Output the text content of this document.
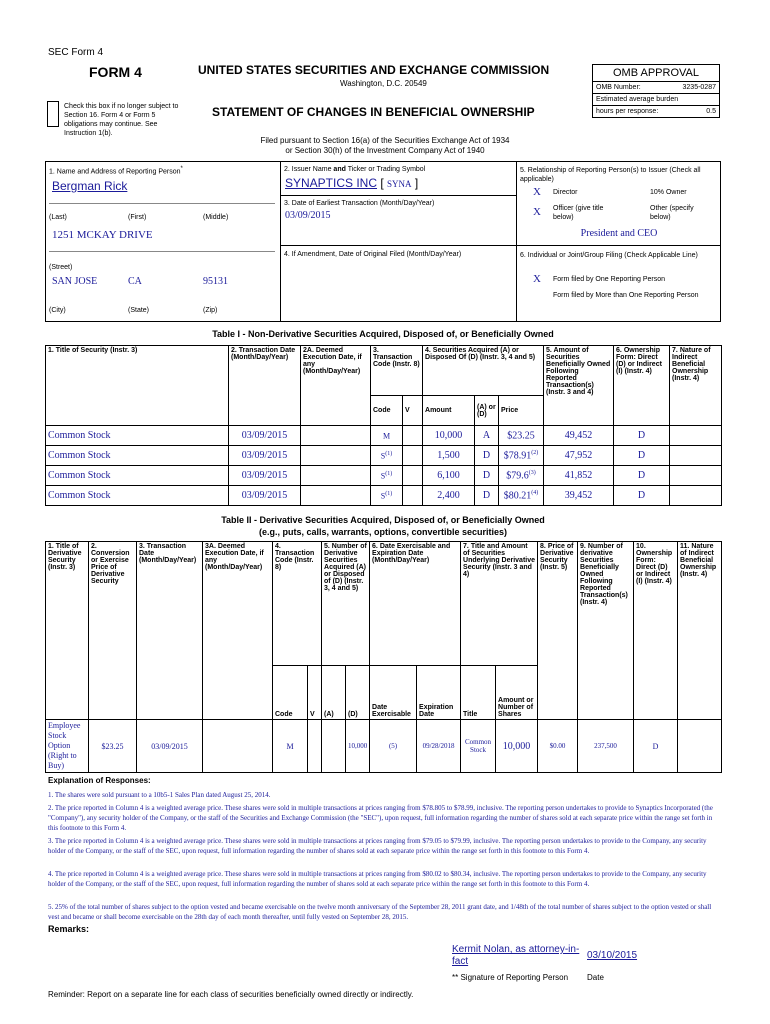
SEC Form 4
FORM 4	UNITED STATES SECURITIES AND EXCHANGE COMMISSION
Washington, D.C. 20549
Check this box if no longer subject to Section 16. Form 4 or Form 5 obligations may continue. See Instruction 1(b).
STATEMENT OF CHANGES IN BENEFICIAL OWNERSHIP
Filed pursuant to Section 16(a) of the Securities Exchange Act of 1934
or Section 30(h) of the Investment Company Act of 1940
OMB APPROVAL
OMB Number:	3235-0287
Estimated average burden
hours per response:	0.5
1. Name and Address of Reporting Person*
Bergman Rick
(Last)	(First)	(Middle)
1251 MCKAY DRIVE
(Street)
SAN JOSE	CA	95131
(City)	(State)	(Zip)
2. Issuer Name and Ticker or Trading Symbol
SYNAPTICS INC [ SYNA ]
3. Date of Earliest Transaction (Month/Day/Year)
03/09/2015
4. If Amendment, Date of Original Filed (Month/Day/Year)
5. Relationship of Reporting Person(s) to Issuer (Check all applicable)
X Director	10% Owner
X Officer (give title below)
Other (specify below)
President and CEO
6. Individual or Joint/Group Filing (Check Applicable Line)
X Form filed by One Reporting Person
Form filed by More than One Reporting Person
Table I - Non-Derivative Securities Acquired, Disposed of, or Beneficially Owned
1. Title of Security (Instr. 3)	2. Transaction Date (Month/Day/Year)	2A. Deemed Execution Date, if any (Month/Day/Year)	3. Transaction Code (Instr. 8)		4. Securities Acquired (A) or Disposed Of (D) (Instr. 3, 4 and 5)			5. Amount of Securities Beneficially Owned Following Reported Transaction(s) (Instr. 3 and 4)	6. Ownership Form: Direct (D) or Indirect (I) (Instr. 4)	7. Nature of Indirect Beneficial Ownership (Instr. 4)
			Code	V	Amount	(A) or (D)	Price			
Common Stock	03/09/2015		M		10,000	A	$23.25	49,452	D	
Common Stock	03/09/2015		$S^{(1)}$		1,500	D	$78.91$^{(2)}$	47,952	D	
Common Stock	03/09/2015		$S^{(1)}$		6,100	D	$79.6$^{(3)}$	41,852	D	
Common Stock	03/09/2015		$S^{(1)}$		2,400	D	$80.21$^{(4)}$	39,452	D	
Table II - Derivative Securities Acquired, Disposed of, or Beneficially Owned
(e.g., puts, calls, warrants, options, convertible securities)
1. Title of Derivative Security (Instr. 3)	2. Conversion or Exercise Price of Derivative Security	3. Transaction Date (Month/Day/Year)	3A. Deemed Execution Date, if any (Month/Day/Year)	4. Transaction Code (Instr. 8)		5. Number of Derivative Securities Acquired (A) or Disposed of (D) (Instr. 3, 4 and 5)		6. Date Exercisable and Expiration Date (Month/Day/Year)		7. Title and Amount of Securities Underlying Derivative Security (Instr. 3 and 4)		8. Price of Derivative Security (Instr. 5)	9. Number of derivative Securities Beneficially Owned Following Reported Transaction(s) (Instr. 4)	10. Ownership Form: Direct (D) or Indirect (I) (Instr. 4)	11. Nature of Indirect Beneficial Ownership (Instr. 4)
				Code	V	(A)	(D)	Date Exercisable	Expiration Date	Title	Amount or Number of Shares				
Employee Stock Option (Right to Buy)	$23.25	03/09/2015		M			10,000	(5)	09/28/2018	Common Stock	10,000	$0.00	237,500	D	
Explanation of Responses:
1. The shares were sold pursuant to a 10b5-1 Sales Plan dated August 25, 2014.
2. The price reported in Column 4 is a weighted average price. These shares were sold in multiple transactions at prices ranging from $78.805 to $78.99, inclusive. The reporting person undertakes to provide to Synaptics Incorporated (the "Company"), any security holder of the Company, or the staff of the Securities and Exchange Commission (the "SEC"), upon request, full information regarding the number of shares sold at each separate price within the range set forth in this footnote to this Form 4.
3. The price reported in Column 4 is a weighted average price. These shares were sold in multiple transactions at prices ranging from $79.05 to $79.99, inclusive. The reporting person undertakes to provide to the Company, any security holder of the Company, or the staff of the SEC, upon request, full information regarding the number of shares sold at each separate price within the range set forth in this footnote to this Form 4.
4. The price reported in Column 4 is a weighted average price. These shares were sold in multiple transactions at prices ranging from $80.02 to $80.34, inclusive. The reporting person undertakes to provide to the Company, any security holder of the Company, or the staff of the SEC, upon request, full information regarding the number of shares sold at each separate price within the range set forth in this footnote to this Form 4.
5. 25% of the total number of shares subject to the option vested and became exercisable on the twelve month anniversary of the September 28, 2011 grant date, and 1/48th of the total number of shares subject to the option vested or shall vest and became or shall become exercisable on the 28th day of each month thereafter, until fully vested on September 28, 2015.
Remarks:
Kermit Nolan, as attorney-in-fact
03/10/2015
** Signature of Reporting Person Date
Reminder: Report on a separate line for each class of securities beneficially owned directly or indirectly.
